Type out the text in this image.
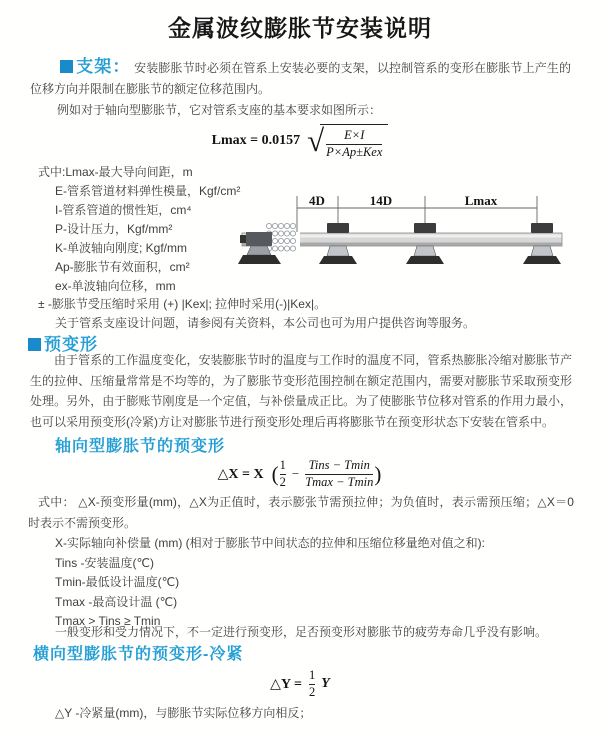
金属波纹膨胀节安装说明
支架： 安装膨胀节时必须在管系上安装必要的支架，以控制管系的变形在膨胀节上产生的位移方向并限制在膨胀节的额定位移范围内。
例如对于轴向型膨胀节，它对管系支座的基本要求如图所示：
Lmax = 0.0157 √ $\frac{E\times I}{\text{P×Ap±Kex}}$
式中:Lmax-最大导向间距，m
E-管系管道材料弹性模量，Kgf/cm²
I-管系管道的惯性矩，cm⁴
P-设计压力，Kgf/mm²
K-单波轴向刚度; Kgf/mm
Ap-膨胀节有效面积，cm²
ex-单波轴向位移，mm
4D	14D	Lmax
± -膨胀节受压缩时采用 (+) |Kex|; 拉伸时采用(-)|Kex|。
关于管系支座设计问题，请参阅有关资料，本公司也可为用户提供咨询等服务。
预变形
由于管系的工作温度变化，安装膨胀节时的温度与工作时的温度不同，管系热膨胀冷缩对膨胀节产生的拉伸、压缩量常常是不均等的，为了膨胀节变形范围控制在额定范围内，需要对膨胀节采取预变形处理。另外，由于膨账节刚度是一个定值，与补偿量成正比。为了使膨胀节位移对管系的作用力最小，也可以采用预变形(冷紧)方让对膨胀节进行预变形处理后再将膨胀节在预变形状态下安装在管系中。
轴向型膨胀节的预变形
△X = X ( $\frac{1}{2} - \frac{\text{Tins − Tmin}}{Tmax - Tmin}$ )
式中： △X-预变形量(mm)，△X为正值时，表示膨张节需预拉伸；为负值时，表示需预压缩；△X＝0时表示不需预变形。
X-实际轴向补偿量 (mm) (相对于膨胀节中间状态的拉伸和压缩位移量绝对值之和):
Tins -安装温度(℃)
Tmin-最低设计温度(℃)
Tmax -最高设计温 (℃)
Tmax > Tins ≥ Tmin
一般变形和受力情况下，不一定进行预变形，足否预变形对膨胀节的疲劳寿命几乎没有影响。
横向型膨胀节的预变形-冷紧
△Y = $\frac{1}{2}$ Y
△Y -冷紧量(mm)，与膨胀节实际位移方向相反；
